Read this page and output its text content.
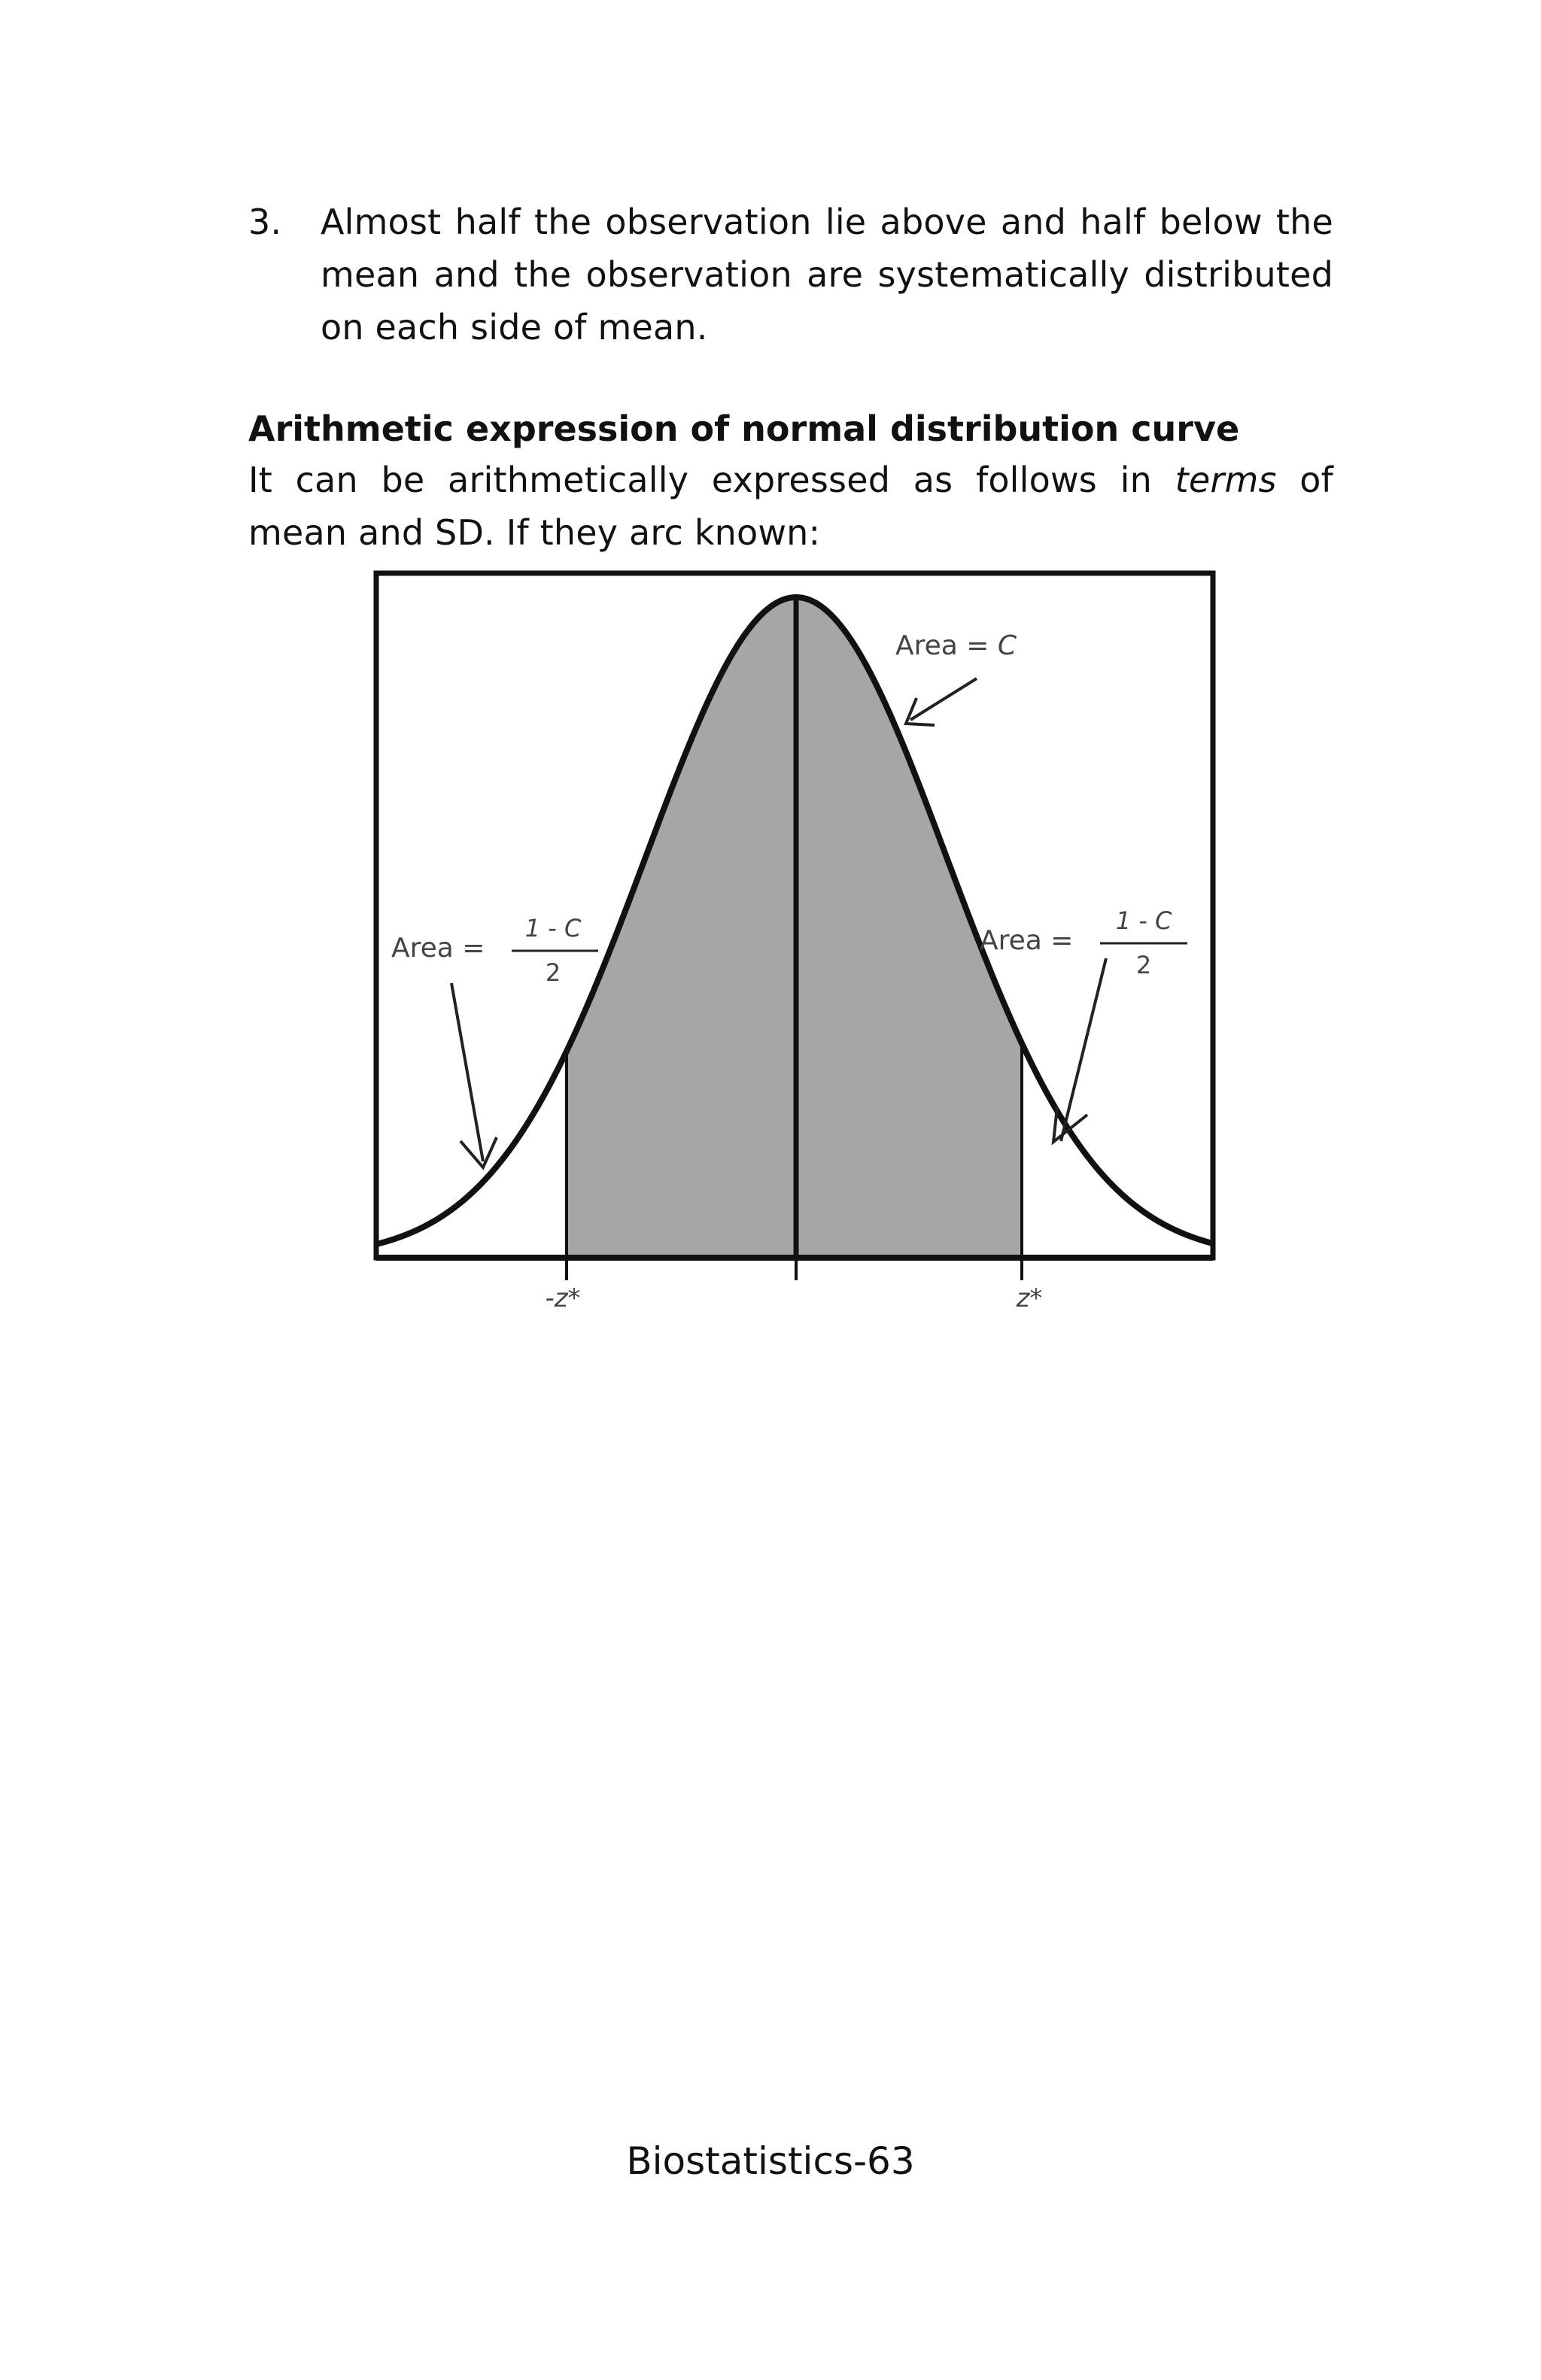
3.	Almost half the observation lie above and half below the mean and the observation are systematically distributed on each side of mean.
Arithmetic expression of normal distribution curve
It can be arithmetically expressed as follows in terms of mean and SD. If they arc known:
-z*	z*
Area = C
Area =
1 - C
2
Area =
1 - C
2
Biostatistics-63
